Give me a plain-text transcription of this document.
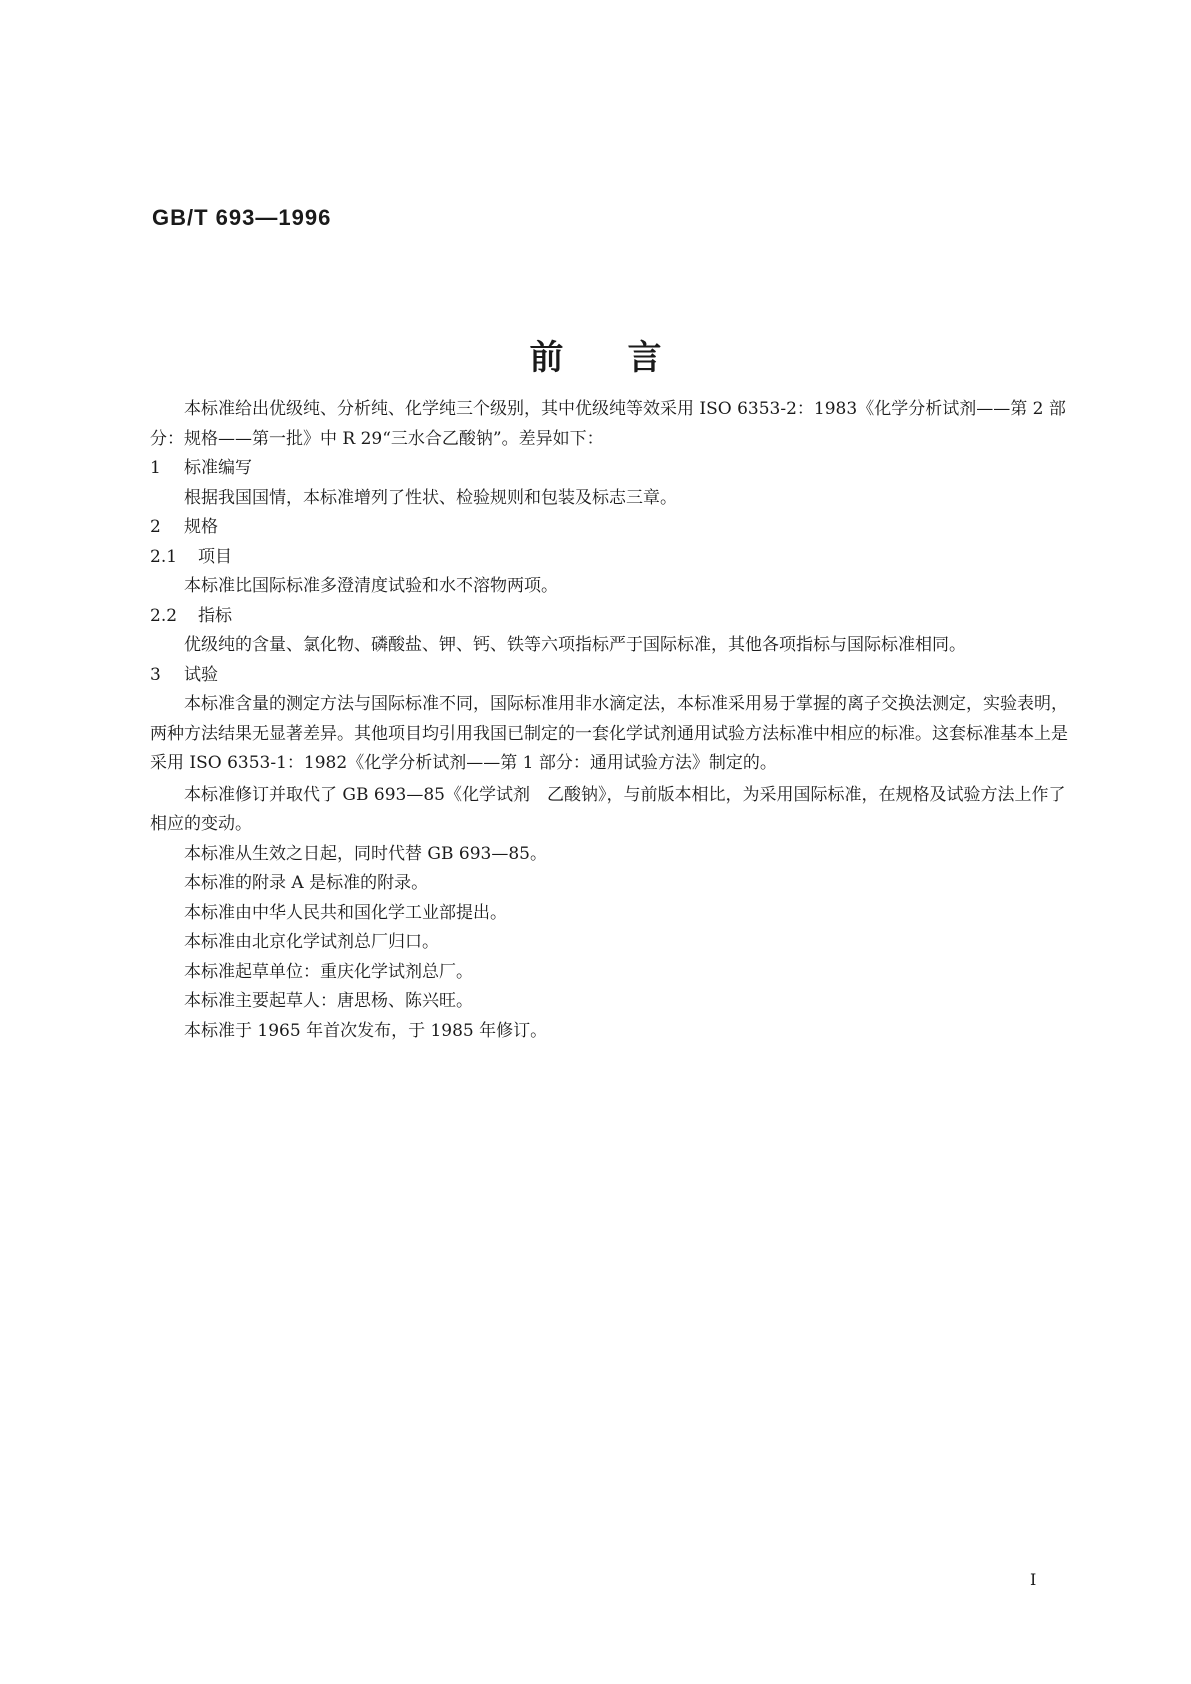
GB/T 693—1996
前言

本标准给出优级纯、分析纯、化学纯三个级别，其中优级纯等效采用 ISO 6353-2：1983《化学分析试剂——第 2 部分：规格——第一批》中 R 29“三水合乙酸钠”。差异如下：

1	标准编写

根据我国国情，本标准增列了性状、检验规则和包装及标志三章。

2	规格
2.1	项目

本标准比国际标准多澄清度试验和水不溶物两项。

2.2	指标

优级纯的含量、氯化物、磷酸盐、钾、钙、铁等六项指标严于国际标准，其他各项指标与国际标准相同。

3	试验

本标准含量的测定方法与国际标准不同，国际标准用非水滴定法，本标准采用易于掌握的离子交换法测定，实验表明，两种方法结果无显著差异。其他项目均引用我国已制定的一套化学试剂通用试验方法标准中相应的标准。这套标准基本上是采用 ISO 6353-1：1982《化学分析试剂——第 1 部分：通用试验方法》制定的。

本标准修订并取代了 GB 693—85《化学试剂　乙酸钠》，与前版本相比，为采用国际标准，在规格及试验方法上作了相应的变动。

本标准从生效之日起，同时代替 GB 693—85。

本标准的附录 A 是标准的附录。

本标准由中华人民共和国化学工业部提出。

本标准由北京化学试剂总厂归口。

本标准起草单位：重庆化学试剂总厂。

本标准主要起草人：唐思杨、陈兴旺。

本标准于 1965 年首次发布，于 1985 年修订。

I
